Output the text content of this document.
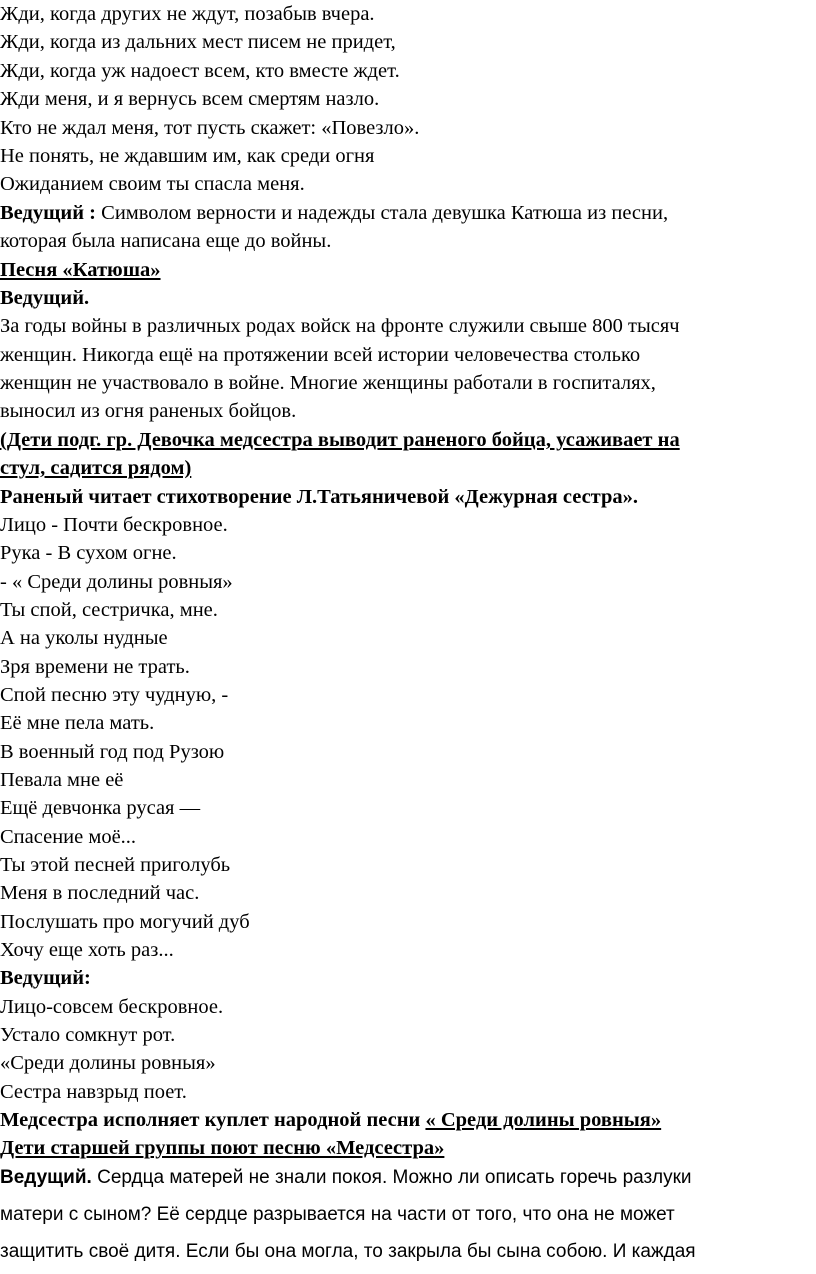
Жди, когда других не ждут, позабыв вчера.

Жди, когда из дальних мест писем не придет,

Жди, когда уж надоест всем, кто вместе ждет.

Жди меня, и я вернусь всем смертям назло.

Кто не ждал меня, тот пусть скажет: «Повезло».

Не понять, не ждавшим им, как среди огня

Ожиданием своим ты спасла меня.

Ведущий : Символом верности и надежды стала девушка Катюша из песни,

которая была написана еще до войны.

Песня «Катюша»

Ведущий.

За годы войны в различных родах войск на фронте служили свыше 800 тысяч

женщин. Никогда ещё на протяжении всей истории человечества столько

женщин не участвовало в войне. Многие женщины работали в госпиталях,

выносил из огня раненых бойцов.

(Дети подг. гр. Девочка медсестра выводит раненого бойца, усаживает на

стул, садится рядом)

Раненый читает стихотворение Л.Татьяничевой «Дежурная сестра».

Лицо - Почти бескровное.

Рука - В сухом огне.

- « Среди долины ровныя»

Ты спой, сестричка, мне.

А на уколы нудные

Зря времени не трать.

Спой песню эту чудную, -

Её мне пела мать.

В военный год под Рузою

Певала мне её

Ещё девчонка русая —

Спасение моё...

Ты этой песней приголубь

Меня в последний час.

Послушать про могучий дуб

Хочу еще хоть раз...

Ведущий:

Лицо-совсем бескровное.

Устало сомкнут рот.

«Среди долины ровныя»

Сестра навзрыд поет.

Медсестра исполняет куплет народной песни « Среди долины ровныя»

Дети старшей группы поют песню «Медсестра»

Ведущий. Сердца матерей не знали покоя. Можно ли описать горечь разлуки

матери с сыном? Её сердце разрывается на части от того, что она не может

защитить своё дитя. Если бы она могла, то закрыла бы сына собою. И каждая
